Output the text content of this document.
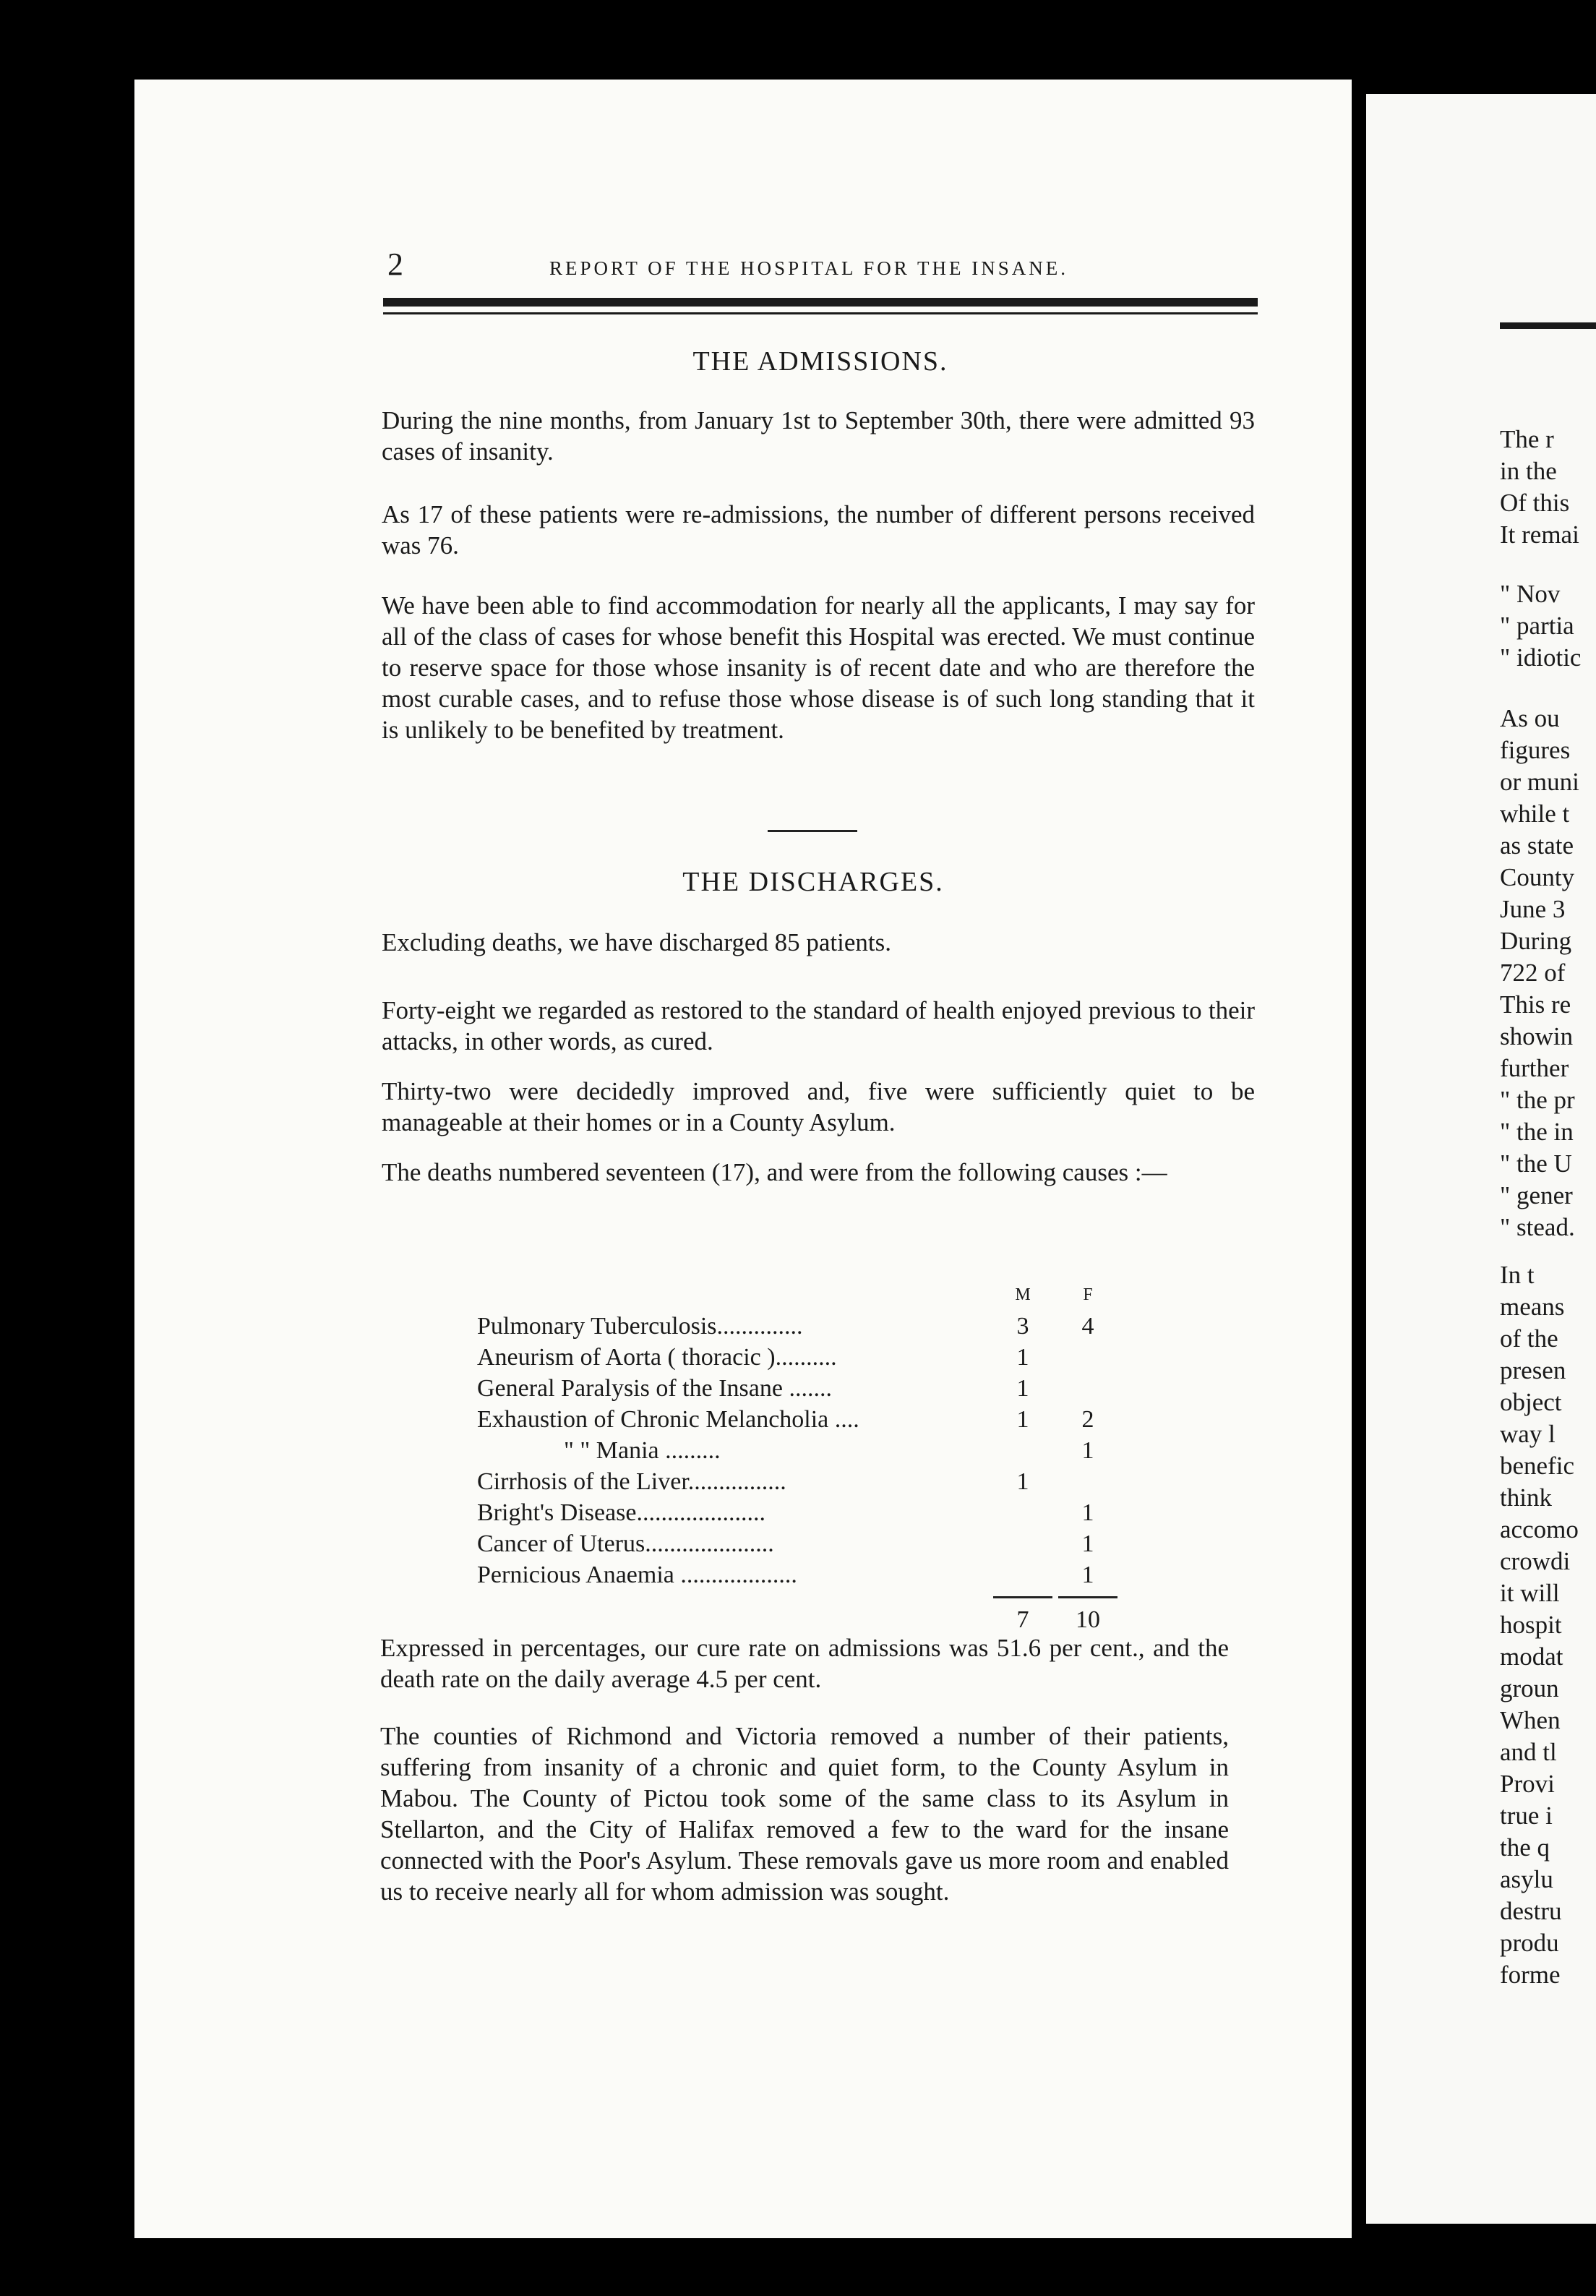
2	REPORT OF THE HOSPITAL FOR THE INSANE.
THE ADMISSIONS.
During the nine months, from January 1st to September 30th, there were admitted 93 cases of insanity.
As 17 of these patients were re-admissions, the number of different persons received was 76.
We have been able to find accommodation for nearly all the applicants, I may say for all of the class of cases for whose benefit this Hospital was erected. We must continue to reserve space for those whose insanity is of recent date and who are therefore the most curable cases, and to refuse those whose disease is of such long standing that it is unlikely to be benefited by treatment.
THE DISCHARGES.
Excluding deaths, we have discharged 85 patients.
Forty-eight we regarded as restored to the standard of health enjoyed previous to their attacks, in other words, as cured.
Thirty-two were decidedly improved and, five were sufficiently quiet to be manageable at their homes or in a County Asylum.
The deaths numbered seventeen (17), and were from the following causes :—
	M	F
Pulmonary Tuberculosis..............	3	4
Aneurism of Aorta ( thoracic )..........	1	
General Paralysis of the Insane .......	1	
Exhaustion of Chronic Melancholia ....	1	2
" " Mania .........		1
Cirrhosis of the Liver................	1	
Bright's Disease.....................		1
Cancer of Uterus.....................		1
Pernicious Anaemia ...................		1

	7	10
Expressed in percentages, our cure rate on admissions was 51.6 per cent., and the death rate on the daily average 4.5 per cent.
The counties of Richmond and Victoria removed a number of their patients, suffering from insanity of a chronic and quiet form, to the County Asylum in Mabou. The County of Pictou took some of the same class to its Asylum in Stellarton, and the City of Halifax removed a few to the ward for the insane connected with the Poor's Asylum. These removals gave us more room and enabled us to receive nearly all for whom admission was sought.
The r
in the
Of this
It remai
" Nov
" partia
" idiotic
As ou
figures
or muni
while t
as state
County
June 3
During
722 of
This re
showin
further
" the pr
" the in
" the U
" gener
" stead.
In t
means
of the
presen
object
way l
benefic
think
accomo
crowdi
it will
hospit
modat
groun
When
and tl
Provi
true i
the q
asylu
destru
produ
forme
